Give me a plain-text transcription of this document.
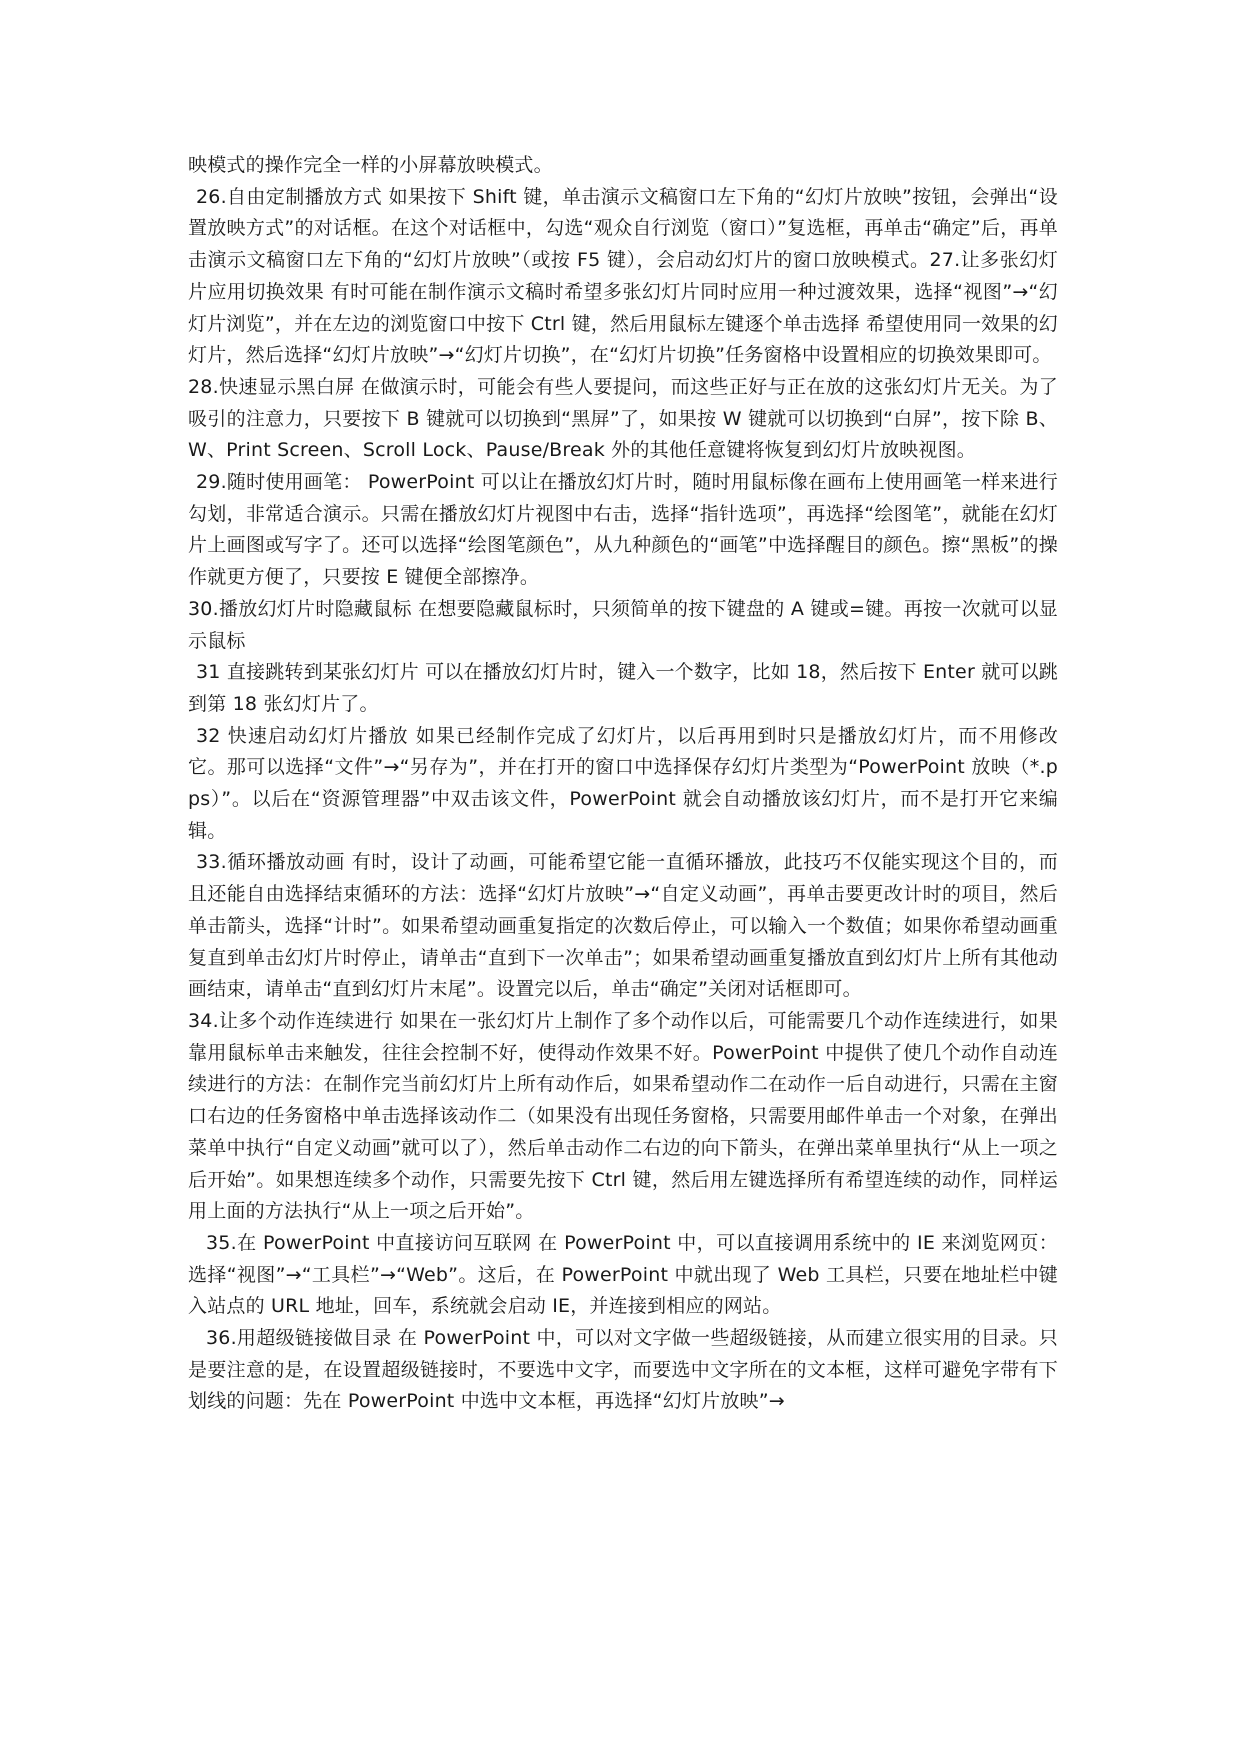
映模式的操作完全一样的小屏幕放映模式。

26.自由定制播放方式 如果按下 Shift 键，单击演示文稿窗口左下角的“幻灯片放映”按钮，会弹出“设置放映方式”的对话框。在这个对话框中，勾选“观众自行浏览（窗口）”复选框，再单击“确定”后，再单击演示文稿窗口左下角的“幻灯片放映”（或按 F5 键），会启动幻灯片的窗口放映模式。27.让多张幻灯片应用切换效果 有时可能在制作演示文稿时希望多张幻灯片同时应用一种过渡效果，选择“视图”→“幻灯片浏览”，并在左边的浏览窗口中按下 Ctrl 键，然后用鼠标左键逐个单击选择 希望使用同一效果的幻灯片，然后选择“幻灯片放映”→“幻灯片切换”，在“幻灯片切换”任务窗格中设置相应的切换效果即可。

28.快速显示黑白屏 在做演示时，可能会有些人要提问，而这些正好与正在放的这张幻灯片无关。为了吸引的注意力，只要按下 B 键就可以切换到“黑屏”了，如果按 W 键就可以切换到“白屏”，按下除 B、W、Print Screen、Scroll Lock、Pause/Break 外的其他任意键将恢复到幻灯片放映视图。

29.随时使用画笔： PowerPoint 可以让在播放幻灯片时，随时用鼠标像在画布上使用画笔一样来进行勾划，非常适合演示。只需在播放幻灯片视图中右击，选择“指针选项”，再选择“绘图笔”，就能在幻灯片上画图或写字了。还可以选择“绘图笔颜色”，从九种颜色的“画笔”中选择醒目的颜色。擦“黑板”的操作就更方便了，只要按 E 键便全部擦净。

30.播放幻灯片时隐藏鼠标 在想要隐藏鼠标时，只须简单的按下键盘的 A 键或=键。再按一次就可以显示鼠标

31 直接跳转到某张幻灯片 可以在播放幻灯片时，键入一个数字，比如 18，然后按下 Enter 就可以跳到第 18 张幻灯片了。

32 快速启动幻灯片播放 如果已经制作完成了幻灯片，以后再用到时只是播放幻灯片，而不用修改它。那可以选择“文件”→“另存为”，并在打开的窗口中选择保存幻灯片类型为“PowerPoint 放映（*.pps）”。以后在“资源管理器”中双击该文件，PowerPoint 就会自动播放该幻灯片，而不是打开它来编辑。

33.循环播放动画 有时，设计了动画，可能希望它能一直循环播放，此技巧不仅能实现这个目的，而且还能自由选择结束循环的方法：选择“幻灯片放映”→“自定义动画”，再单击要更改计时的项目，然后单击箭头，选择“计时”。如果希望动画重复指定的次数后停止，可以输入一个数值；如果你希望动画重复直到单击幻灯片时停止，请单击“直到下一次单击”；如果希望动画重复播放直到幻灯片上所有其他动画结束，请单击“直到幻灯片末尾”。设置完以后，单击“确定”关闭对话框即可。

34.让多个动作连续进行 如果在一张幻灯片上制作了多个动作以后，可能需要几个动作连续进行，如果靠用鼠标单击来触发，往往会控制不好，使得动作效果不好。PowerPoint 中提供了使几个动作自动连续进行的方法：在制作完当前幻灯片上所有动作后，如果希望动作二在动作一后自动进行，只需在主窗口右边的任务窗格中单击选择该动作二（如果没有出现任务窗格，只需要用邮件单击一个对象，在弹出菜单中执行“自定义动画”就可以了），然后单击动作二右边的向下箭头，在弹出菜单里执行“从上一项之后开始”。如果想连续多个动作，只需要先按下 Ctrl 键，然后用左键选择所有希望连续的动作，同样运用上面的方法执行“从上一项之后开始”。

35.在 PowerPoint 中直接访问互联网 在 PowerPoint 中，可以直接调用系统中的 IE 来浏览网页：选择“视图”→“工具栏”→“Web”。这后，在 PowerPoint 中就出现了 Web 工具栏，只要在地址栏中键入站点的 URL 地址，回车，系统就会启动 IE，并连接到相应的网站。

36.用超级链接做目录 在 PowerPoint 中，可以对文字做一些超级链接，从而建立很实用的目录。只是要注意的是，在设置超级链接时，不要选中文字，而要选中文字所在的文本框，这样可避免字带有下划线的问题：先在 PowerPoint 中选中文本框，再选择“幻灯片放映”→
